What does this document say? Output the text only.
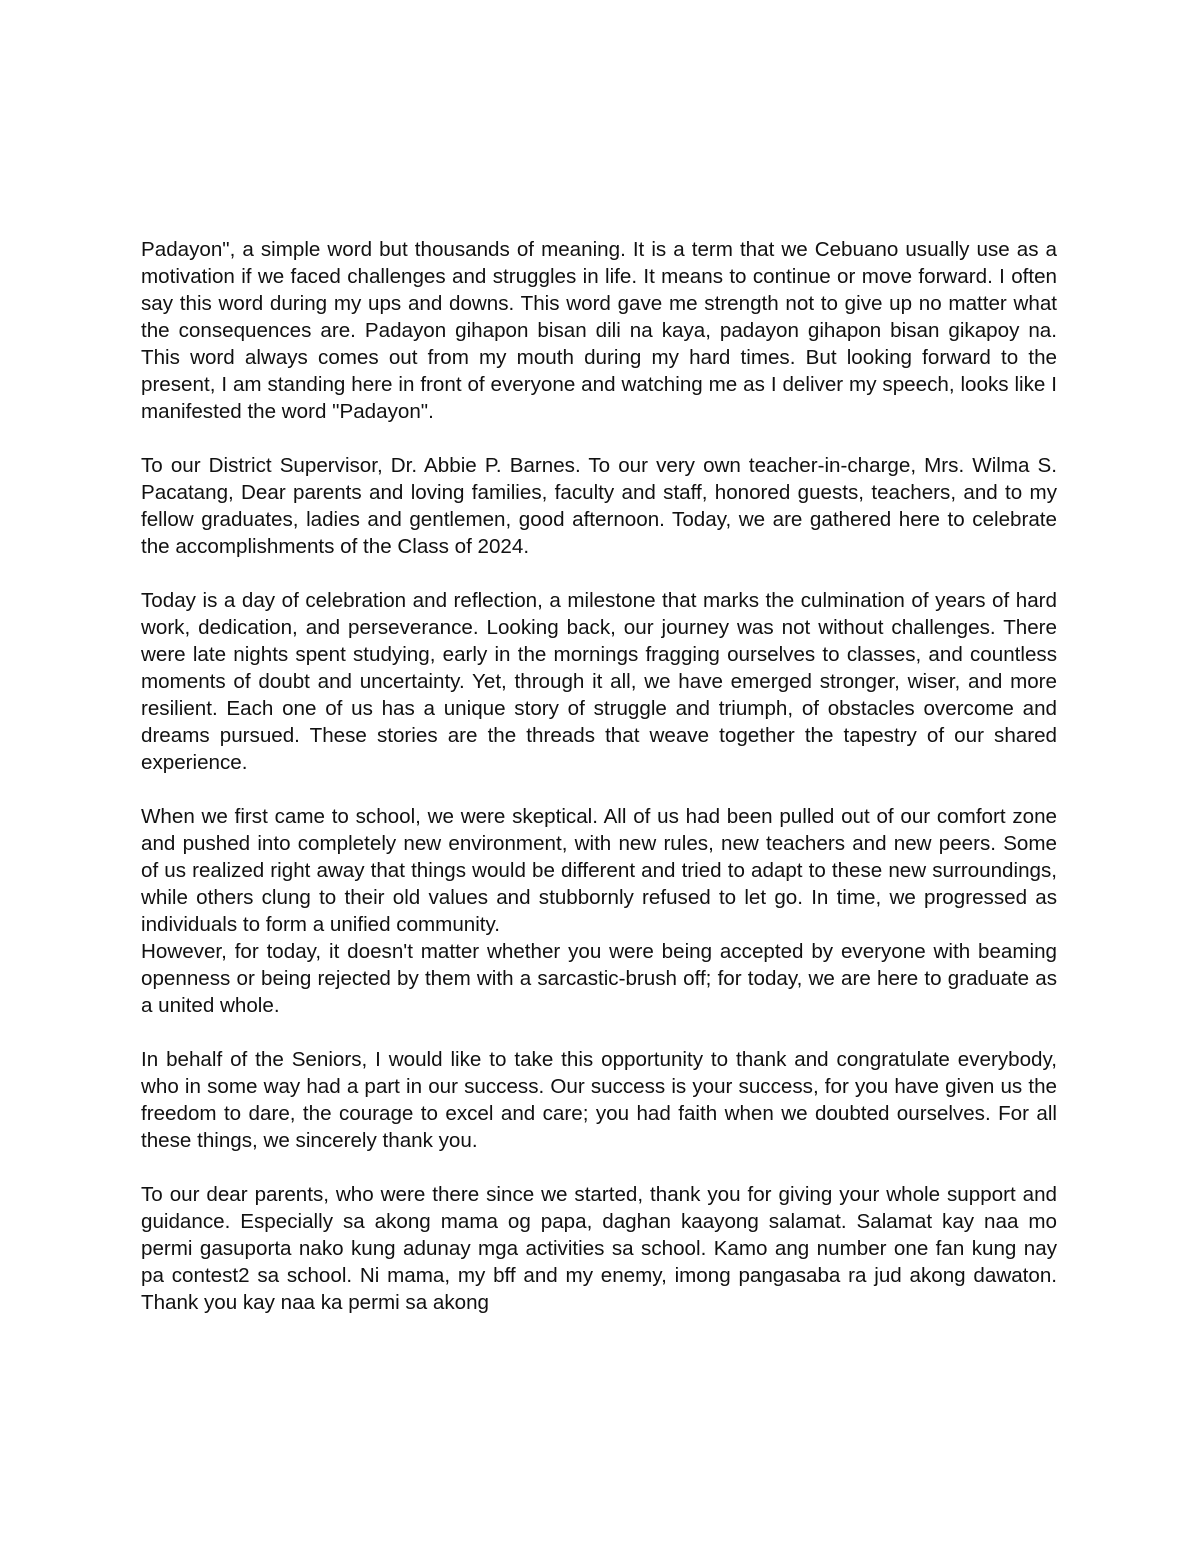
Padayon", a simple word but thousands of meaning. It is a term that we Cebuano usually use as a motivation if we faced challenges and struggles in life. It means to continue or move forward. I often say this word during my ups and downs. This word gave me strength not to give up no matter what the consequences are. Padayon gihapon bisan dili na kaya, padayon gihapon bisan gikapoy na. This word always comes out from my mouth during my hard times. But looking forward to the present, I am standing here in front of everyone and watching me as I deliver my speech, looks like I manifested the word "Padayon".

To our District Supervisor, Dr. Abbie P. Barnes. To our very own teacher-in-charge, Mrs. Wilma S. Pacatang, Dear parents and loving families, faculty and staff, honored guests, teachers, and to my fellow graduates, ladies and gentlemen, good afternoon. Today, we are gathered here to celebrate the accomplishments of the Class of 2024.

Today is a day of celebration and reflection, a milestone that marks the culmination of years of hard work, dedication, and perseverance. Looking back, our journey was not without challenges. There were late nights spent studying, early in the mornings fragging ourselves to classes, and countless moments of doubt and uncertainty. Yet, through it all, we have emerged stronger, wiser, and more resilient. Each one of us has a unique story of struggle and triumph, of obstacles overcome and dreams pursued. These stories are the threads that weave together the tapestry of our shared experience.

When we first came to school, we were skeptical. All of us had been pulled out of our comfort zone and pushed into completely new environment, with new rules, new teachers and new peers. Some of us realized right away that things would be different and tried to adapt to these new surroundings, while others clung to their old values and stubbornly refused to let go. In time, we progressed as individuals to form a unified community.

However, for today, it doesn't matter whether you were being accepted by everyone with beaming openness or being rejected by them with a sarcastic-brush off; for today, we are here to graduate as a united whole.

In behalf of the Seniors, I would like to take this opportunity to thank and congratulate everybody, who in some way had a part in our success. Our success is your success, for you have given us the freedom to dare, the courage to excel and care; you had faith when we doubted ourselves. For all these things, we sincerely thank you.

To our dear parents, who were there since we started, thank you for giving your whole support and guidance. Especially sa akong mama og papa, daghan kaayong salamat. Salamat kay naa mo permi gasuporta nako kung adunay mga activities sa school. Kamo ang number one fan kung nay pa contest2 sa school. Ni mama, my bff and my enemy, imong pangasaba ra jud akong dawaton. Thank you kay naa ka permi sa akong
